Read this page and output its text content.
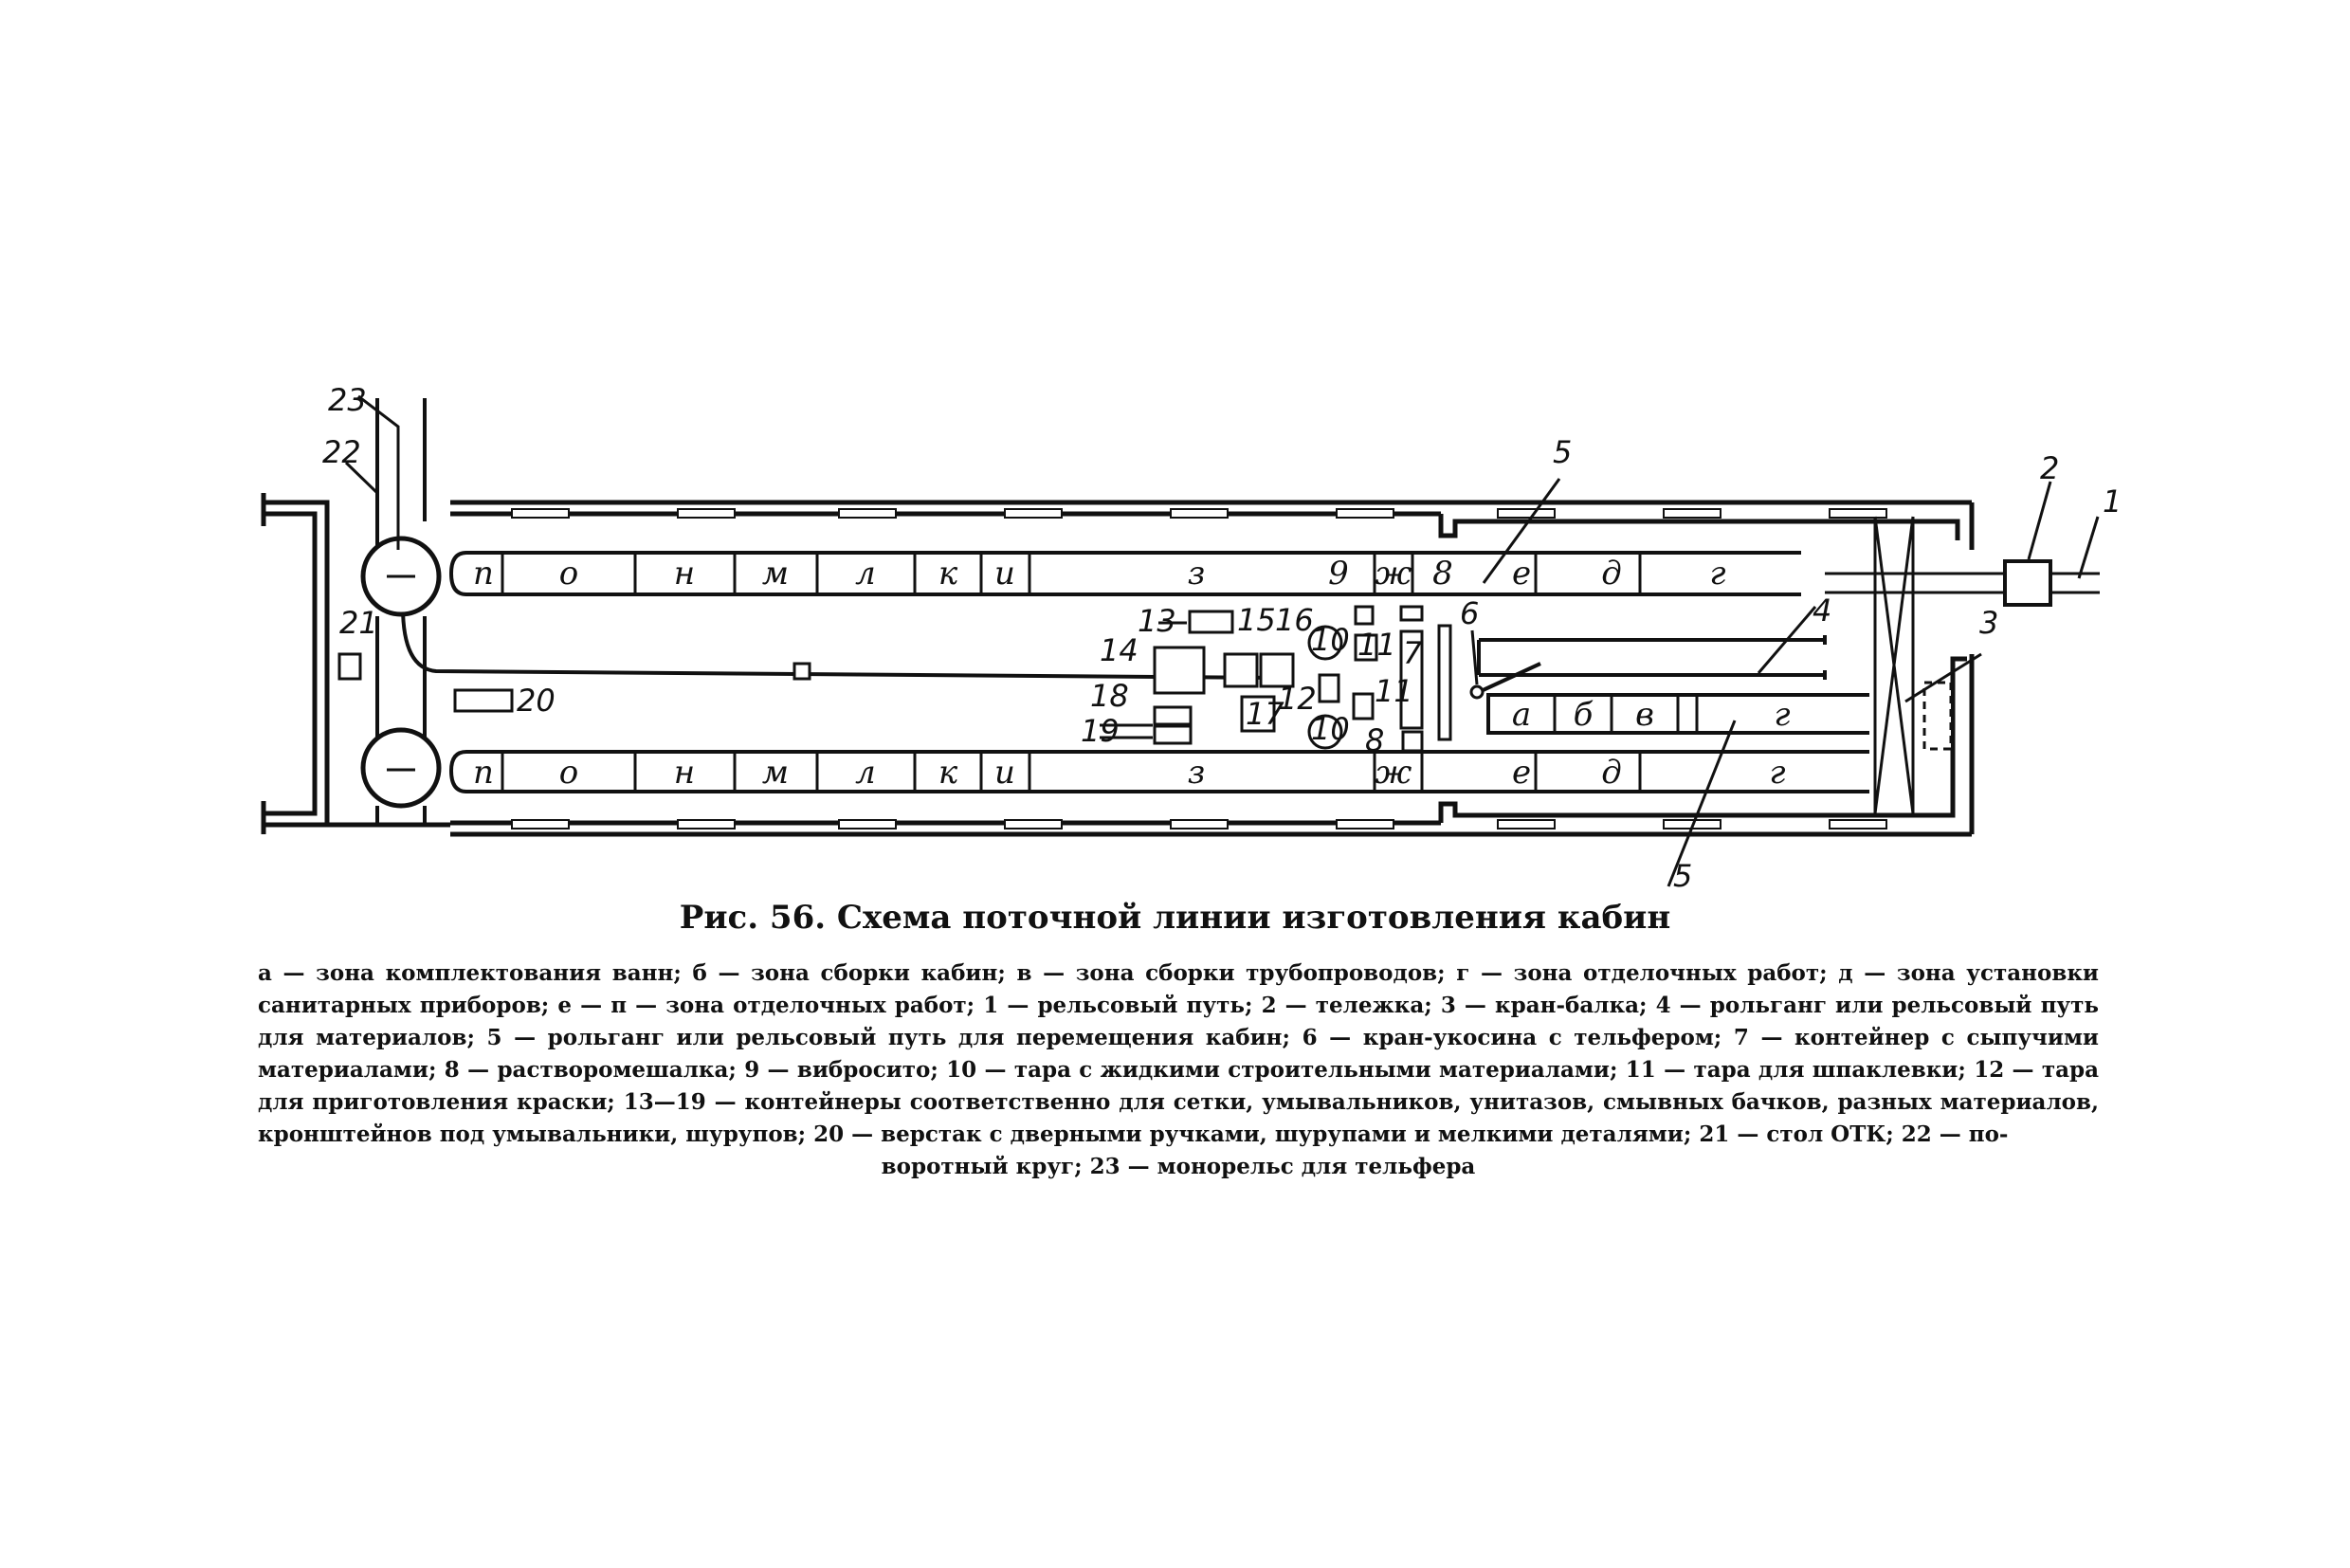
п о	н м л к и	з	9 ж 8 е д	г
п о	н м л к и	з	ж	е д	г
а б в	г
1
2
3
4
5
5
6
7
8
10
10
11
11
12
13
14
15 16
17
18
19
20
21
22
23
Рис. 56. Схема поточной линии изготовления кабин
а — зона комплектования ванн; б — зона сборки кабин; в — зона сборки трубопроводов; г — зона отделочных работ; д — зона установки санитарных приборов; е — п — зона отделочных работ; 1 — рельсовый путь; 2 — тележка; 3 — кран-балка; 4 — рольганг или рельсовый путь для материалов; 5 — рольганг или рельсовый путь для перемещения кабин; 6 — кран-укосина с тельфером; 7 — контейнер с сыпучими материалами; 8 — растворомешалка; 9 — вибросито; 10 — тара с жидкими строительными материалами; 11 — тара для шпаклевки; 12 — тара для приготовления краски; 13—19 — контейнеры соответственно для сетки, умывальников, унитазов, смывных бачков, разных материалов, кронштейнов под умывальники, шурупов; 20 — верстак с дверными ручками, шурупами и мелкими деталями; 21 — стол ОТК; 22 — по-
воротный круг; 23 — монорельс для тельфера
